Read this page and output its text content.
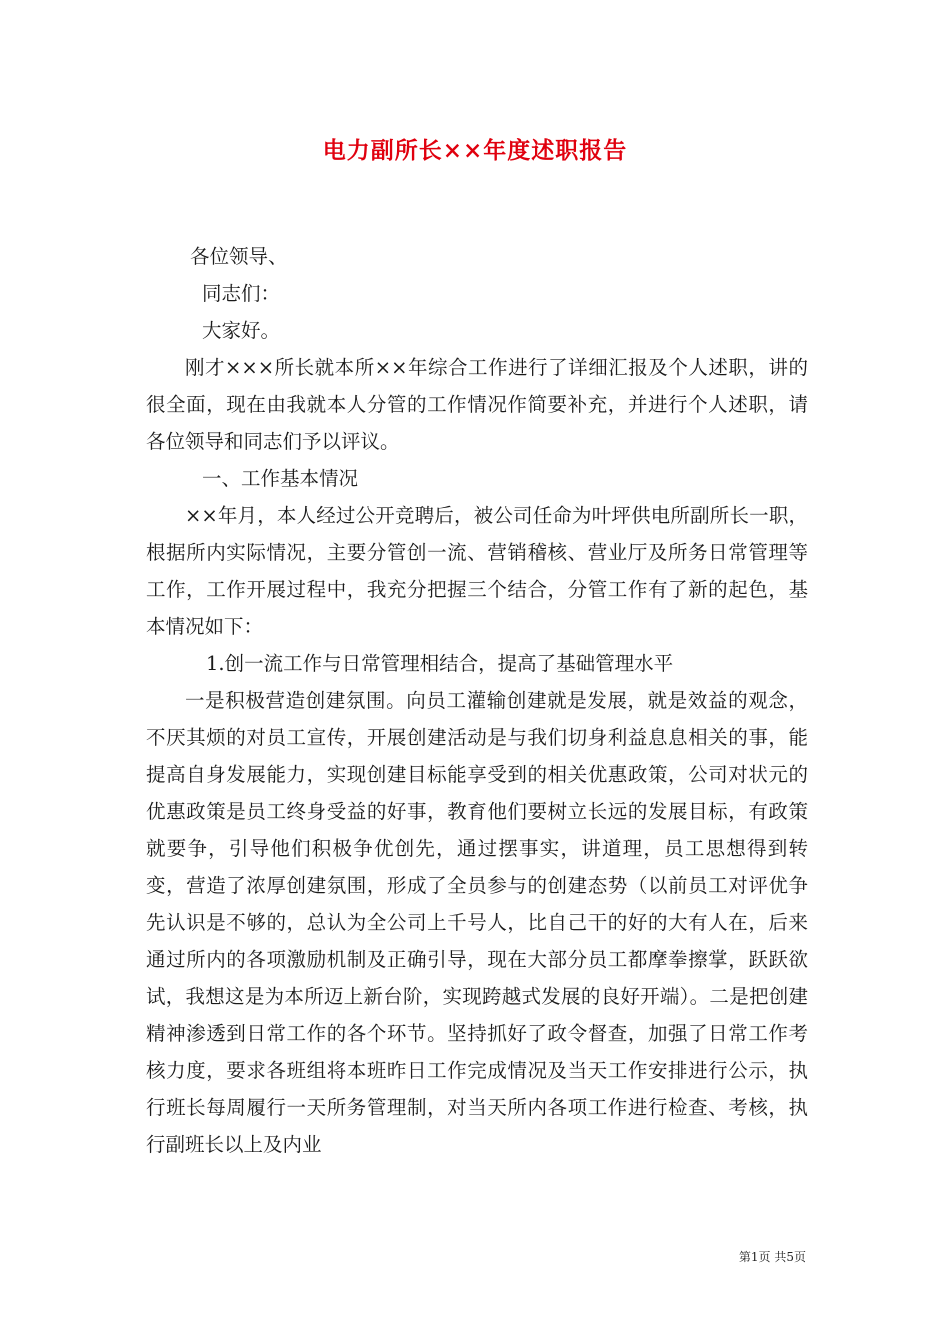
电力副所长××年度述职报告

各位领导、

同志们：

大家好。

刚才×××所长就本所××年综合工作进行了详细汇报及个人述职，讲的很全面，现在由我就本人分管的工作情况作简要补充，并进行个人述职，请各位领导和同志们予以评议。

一、工作基本情况

××年月，本人经过公开竞聘后，被公司任命为叶坪供电所副所长一职，根据所内实际情况，主要分管创一流、营销稽核、营业厅及所务日常管理等工作，工作开展过程中，我充分把握三个结合，分管工作有了新的起色，基本情况如下：

1.创一流工作与日常管理相结合，提高了基础管理水平

一是积极营造创建氛围。向员工灌输创建就是发展，就是效益的观念，不厌其烦的对员工宣传，开展创建活动是与我们切身利益息息相关的事，能提高自身发展能力，实现创建目标能享受到的相关优惠政策，公司对状元的优惠政策是员工终身受益的好事，教育他们要树立长远的发展目标，有政策就要争，引导他们积极争优创先，通过摆事实，讲道理，员工思想得到转变，营造了浓厚创建氛围，形成了全员参与的创建态势（以前员工对评优争先认识是不够的，总认为全公司上千号人，比自己干的好的大有人在，后来通过所内的各项激励机制及正确引导，现在大部分员工都摩拳擦掌，跃跃欲试，我想这是为本所迈上新台阶，实现跨越式发展的良好开端）。二是把创建精神渗透到日常工作的各个环节。坚持抓好了政令督查，加强了日常工作考核力度，要求各班组将本班昨日工作完成情况及当天工作安排进行公示，执行班长每周履行一天所务管理制，对当天所内各项工作进行检查、考核，执行副班长以上及内业

第1页 共5页
